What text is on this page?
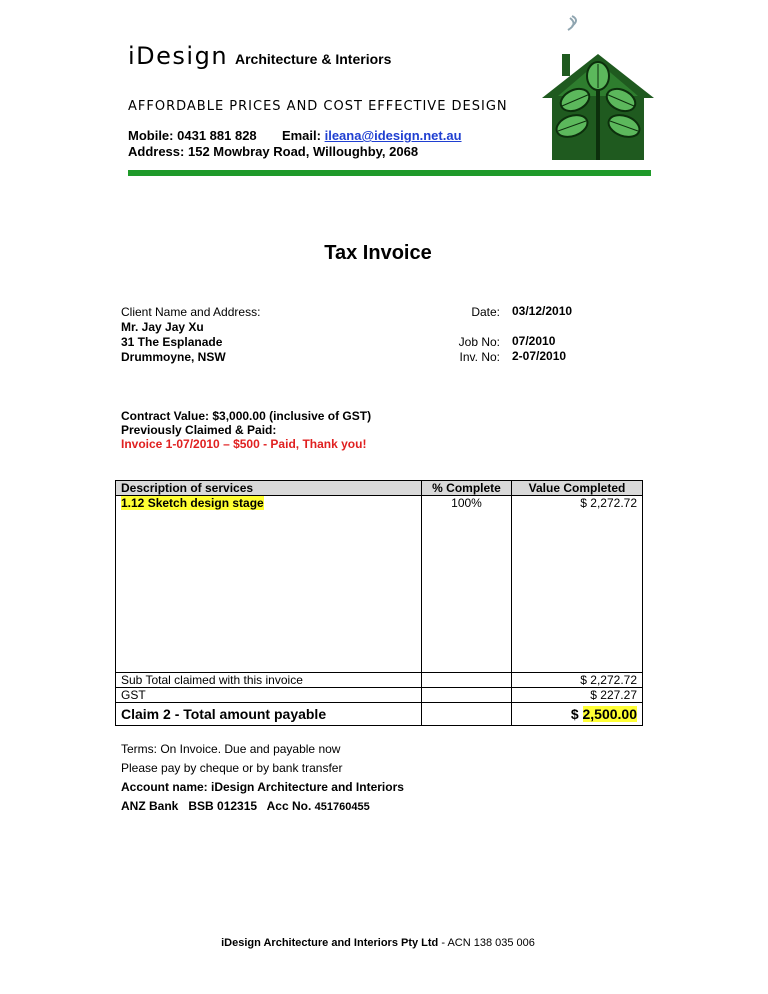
iDesign Architecture & Interiors
AFFORDABLE PRICES AND COST EFFECTIVE DESIGN
Mobile: 0431 881 828 Email: ileana@idesign.net.au
Address: 152 Mowbray Road, Willoughby, 2068
Tax Invoice
Client Name and Address:
Mr. Jay Jay Xu
31 The Esplanade
Drummoyne, NSW
Date: 03/12/2010
Job No: 07/2010
Inv. No: 2-07/2010
Contract Value: $3,000.00 (inclusive of GST)
Previously Claimed & Paid:
Invoice 1-07/2010 – $500 - Paid, Thank you!
Description of services	% Complete	Value Completed
1.12 Sketch design stage	100%	$ 2,272.72

Sub Total claimed with this invoice		$ 2,272.72
GST		$ 227.27
Claim 2 - Total amount payable		$ 2,500.00
Terms: On Invoice. Due and payable now
Please pay by cheque or by bank transfer
Account name: iDesign Architecture and Interiors
ANZ Bank BSB 012315 Acc No. 451760455
iDesign Architecture and Interiors Pty Ltd - ACN 138 035 006
